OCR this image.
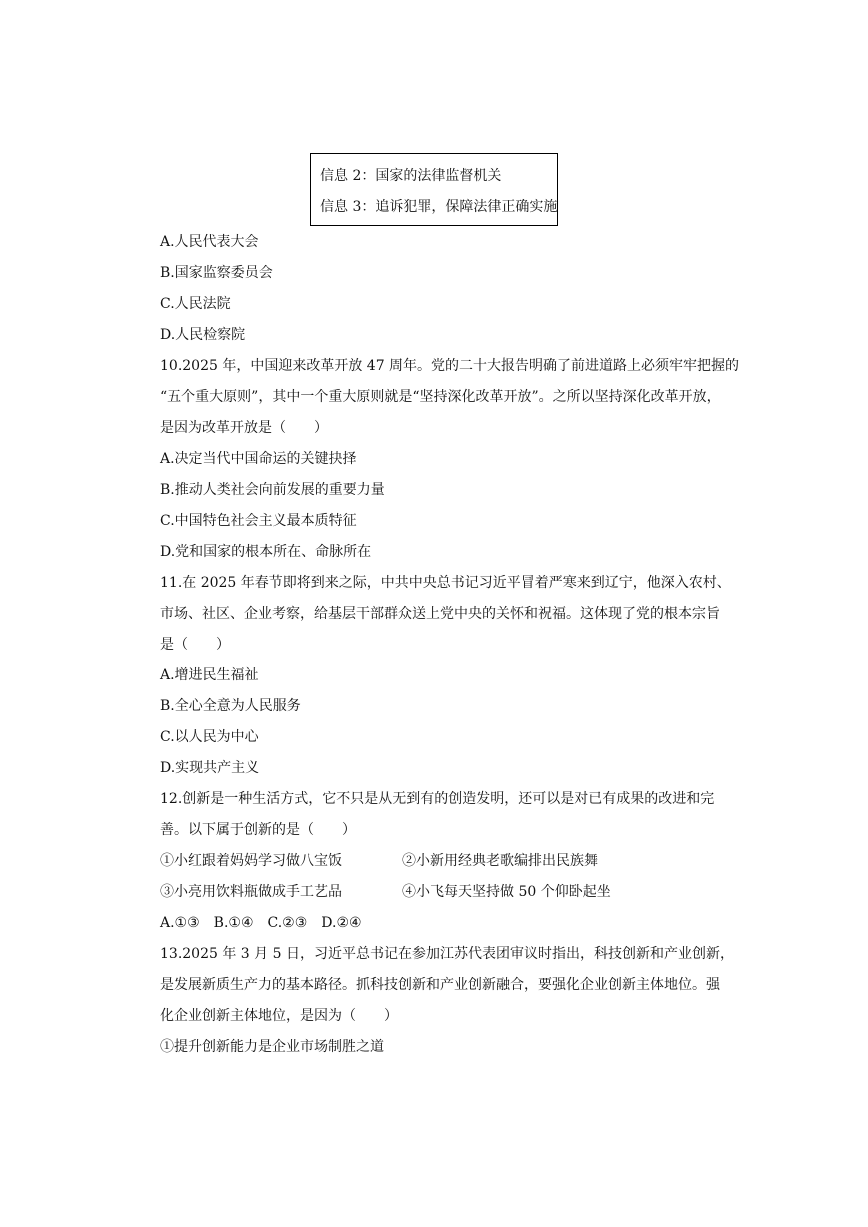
信息 2：国家的法律监督机关
信息 3：追诉犯罪，保障法律正确实施
A.人民代表大会
B.国家监察委员会
C.人民法院
D.人民检察院
10.2025 年，中国迎来改革开放 47 周年。党的二十大报告明确了前进道路上必须牢牢把握的
“五个重大原则”，其中一个重大原则就是“坚持深化改革开放”。之所以坚持深化改革开放，
是因为改革开放是（　　）
A.决定当代中国命运的关键抉择
B.推动人类社会向前发展的重要力量
C.中国特色社会主义最本质特征
D.党和国家的根本所在、命脉所在
11.在 2025 年春节即将到来之际，中共中央总书记习近平冒着严寒来到辽宁，他深入农村、
市场、社区、企业考察，给基层干部群众送上党中央的关怀和祝福。这体现了党的根本宗旨
是（　　）
A.增进民生福祉
B.全心全意为人民服务
C.以人民为中心
D.实现共产主义
12.创新是一种生活方式，它不只是从无到有的创造发明，还可以是对已有成果的改进和完
善。以下属于创新的是（　　）
①小红跟着妈妈学习做八宝饭	②小新用经典老歌编排出民族舞
③小亮用饮料瓶做成手工艺品	④小飞每天坚持做 50 个仰卧起坐
A.①③　B.①④　C.②③　D.②④
13.2025 年 3 月 5 日，习近平总书记在参加江苏代表团审议时指出，科技创新和产业创新，
是发展新质生产力的基本路径。抓科技创新和产业创新融合，要强化企业创新主体地位。强
化企业创新主体地位，是因为（　　）
①提升创新能力是企业市场制胜之道
